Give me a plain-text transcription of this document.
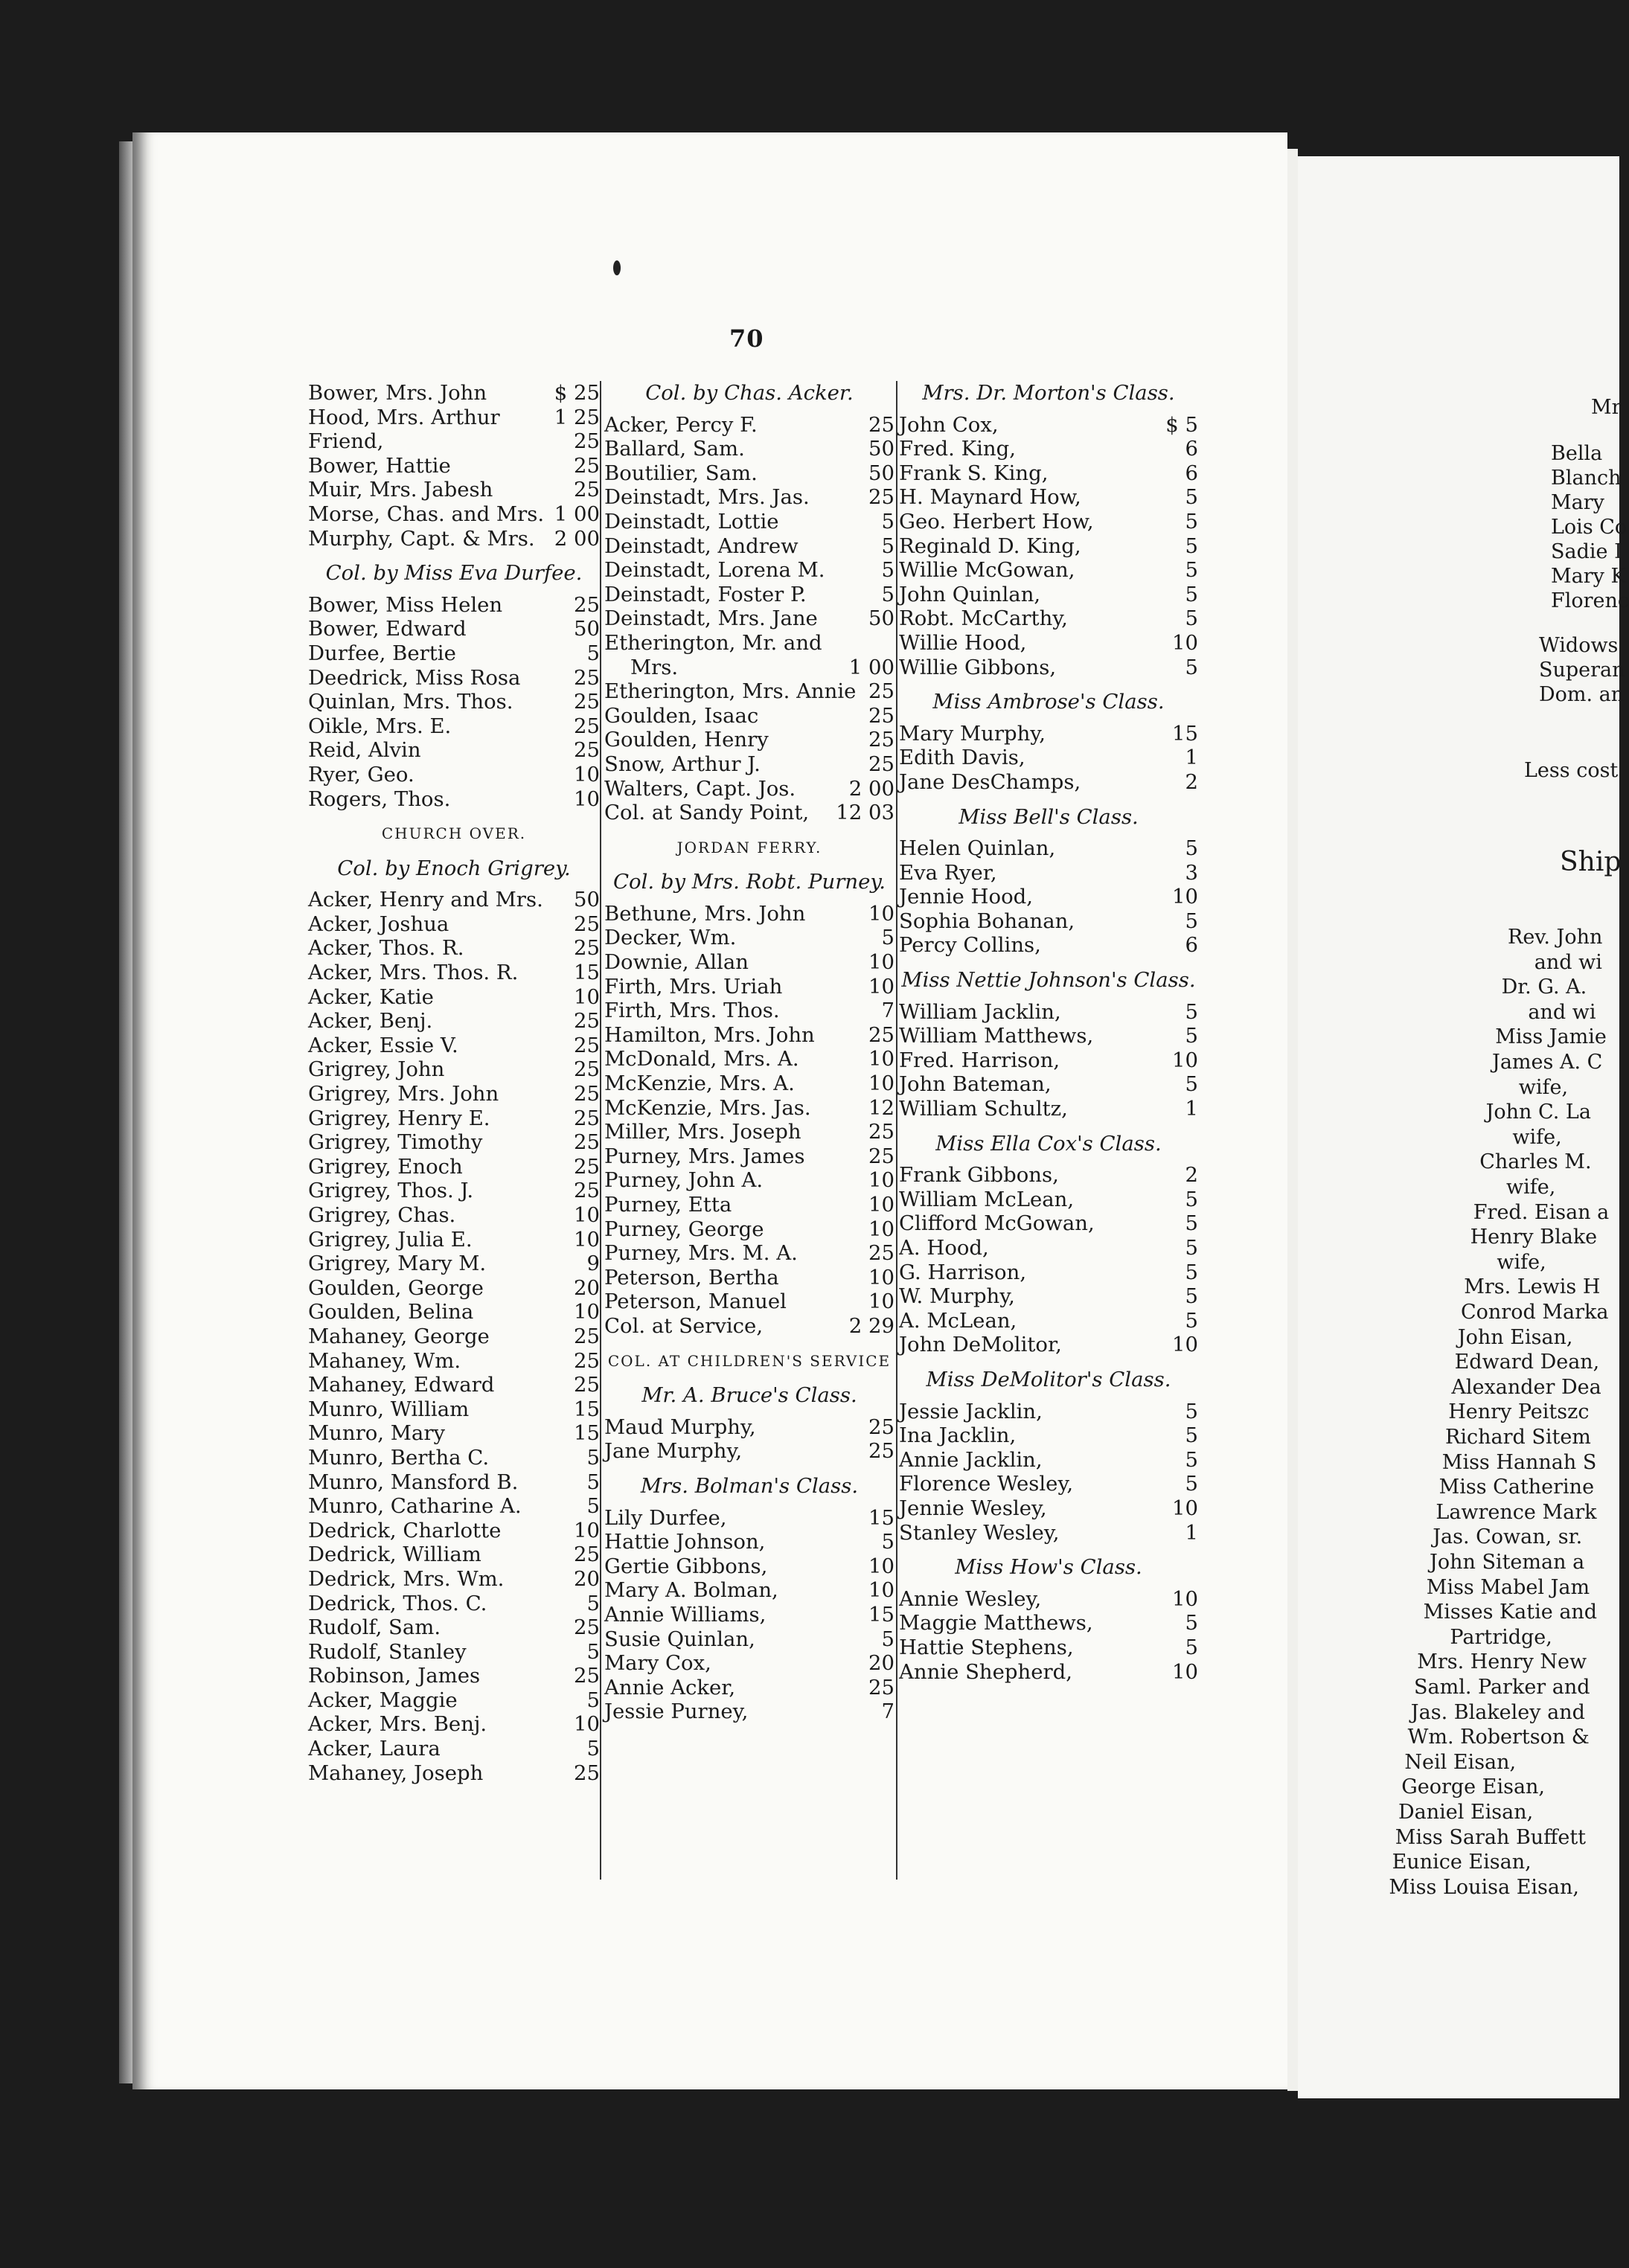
Mr
Bella
Blanch
Mary
Lois Co
Sadie I
Mary K
Florenc
Widows
Superan
Dom. an
Less cost
Ship
Rev. John
and wi
Dr. G. A.
and wi
Miss Jamie
James A. C
wife,
John C. La
wife,
Charles M.
wife,
Fred. Eisan a
Henry Blake
wife,
Mrs. Lewis H
Conrod Marka
John Eisan,
Edward Dean,
Alexander Dea
Henry Peitszc
Richard Sitem
Miss Hannah S
Miss Catherine
Lawrence Mark
Jas. Cowan, sr.
John Siteman a
Miss Mabel Jam
Misses Katie and
Partridge,
Mrs. Henry New
Saml. Parker and
Jas. Blakeley and
Wm. Robertson &
Neil Eisan,
George Eisan,
Daniel Eisan,
Miss Sarah Buffett
Eunice Eisan,
Miss Louisa Eisan,
70
Bower, Mrs. John	$ 25
Hood, Mrs. Arthur	1 25
Friend,	25
Bower, Hattie	25
Muir, Mrs. Jabesh	25
Morse, Chas. and Mrs. 1 00
Murphy, Capt. & Mrs. 2 00
Col. by Miss Eva Durfee.
Bower, Miss Helen	25
Bower, Edward	50
Durfee, Bertie	5
Deedrick, Miss Rosa	25
Quinlan, Mrs. Thos.	25
Oikle, Mrs. E.	25
Reid, Alvin	25
Ryer, Geo.	10
Rogers, Thos.	10
CHURCH OVER.
Col. by Enoch Grigrey.
Acker, Henry and Mrs. 50
Acker, Joshua	25
Acker, Thos. R.	25
Acker, Mrs. Thos. R.	15
Acker, Katie	10
Acker, Benj.	25
Acker, Essie V.	25
Grigrey, John	25
Grigrey, Mrs. John	25
Grigrey, Henry E.	25
Grigrey, Timothy	25
Grigrey, Enoch	25
Grigrey, Thos. J.	25
Grigrey, Chas.	10
Grigrey, Julia E.	10
Grigrey, Mary M.	9
Goulden, George	20
Goulden, Belina	10
Mahaney, George	25
Mahaney, Wm.	25
Mahaney, Edward	25
Munro, William	15
Munro, Mary	15
Munro, Bertha C.	5
Munro, Mansford B.	5
Munro, Catharine A.	5
Dedrick, Charlotte	10
Dedrick, William	25
Dedrick, Mrs. Wm.	20
Dedrick, Thos. C.	5
Rudolf, Sam.	25
Rudolf, Stanley	5
Robinson, James	25
Acker, Maggie	5
Acker, Mrs. Benj.	10
Acker, Laura	5
Mahaney, Joseph	25
Col. by Chas. Acker.
Acker, Percy F.	25
Ballard, Sam.	50
Boutilier, Sam.	50
Deinstadt, Mrs. Jas.	25
Deinstadt, Lottie	5
Deinstadt, Andrew	5
Deinstadt, Lorena M.	5
Deinstadt, Foster P.	5
Deinstadt, Mrs. Jane 50
Etherington, Mr. and
Mrs.	1 00
Etherington, Mrs. Annie 25
Goulden, Isaac	25
Goulden, Henry	25
Snow, Arthur J.	25
Walters, Capt. Jos.	2 00
Col. at Sandy Point, 12 03
JORDAN FERRY.
Col. by Mrs. Robt. Purney.
Bethune, Mrs. John	10
Decker, Wm.	5
Downie, Allan	10
Firth, Mrs. Uriah	10
Firth, Mrs. Thos.	7
Hamilton, Mrs. John	25
McDonald, Mrs. A.	10
McKenzie, Mrs. A.	10
McKenzie, Mrs. Jas.	12
Miller, Mrs. Joseph	25
Purney, Mrs. James	25
Purney, John A.	10
Purney, Etta	10
Purney, George	10
Purney, Mrs. M. A.	25
Peterson, Bertha	10
Peterson, Manuel	10
Col. at Service,	2 29
COL. AT CHILDREN'S SERVICE
Mr. A. Bruce's Class.
Maud Murphy,	25
Jane Murphy,	25
Mrs. Bolman's Class.
Lily Durfee,	15
Hattie Johnson,	5
Gertie Gibbons,	10
Mary A. Bolman,	10
Annie Williams,	15
Susie Quinlan,	5
Mary Cox,	20
Annie Acker,	25
Jessie Purney,	7
Mrs. Dr. Morton's Class.
John Cox,	$ 5
Fred. King,	6
Frank S. King,	6
H. Maynard How,	5
Geo. Herbert How,	5
Reginald D. King,	5
Willie McGowan,	5
John Quinlan,	5
Robt. McCarthy,	5
Willie Hood,	10
Willie Gibbons,	5
Miss Ambrose's Class.
Mary Murphy,	15
Edith Davis,	1
Jane DesChamps,	2
Miss Bell's Class.
Helen Quinlan,	5
Eva Ryer,	3
Jennie Hood,	10
Sophia Bohanan,	5
Percy Collins,	6
Miss Nettie Johnson's Class.
William Jacklin,	5
William Matthews,	5
Fred. Harrison,	10
John Bateman,	5
William Schultz,	1
Miss Ella Cox's Class.
Frank Gibbons,	2
William McLean,	5
Clifford McGowan,	5
A. Hood,	5
G. Harrison,	5
W. Murphy,	5
A. McLean,	5
John DeMolitor,	10
Miss DeMolitor's Class.
Jessie Jacklin,	5
Ina Jacklin,	5
Annie Jacklin,	5
Florence Wesley,	5
Jennie Wesley,	10
Stanley Wesley,	1
Miss How's Class.
Annie Wesley,	10
Maggie Matthews,	5
Hattie Stephens,	5
Annie Shepherd,	10
